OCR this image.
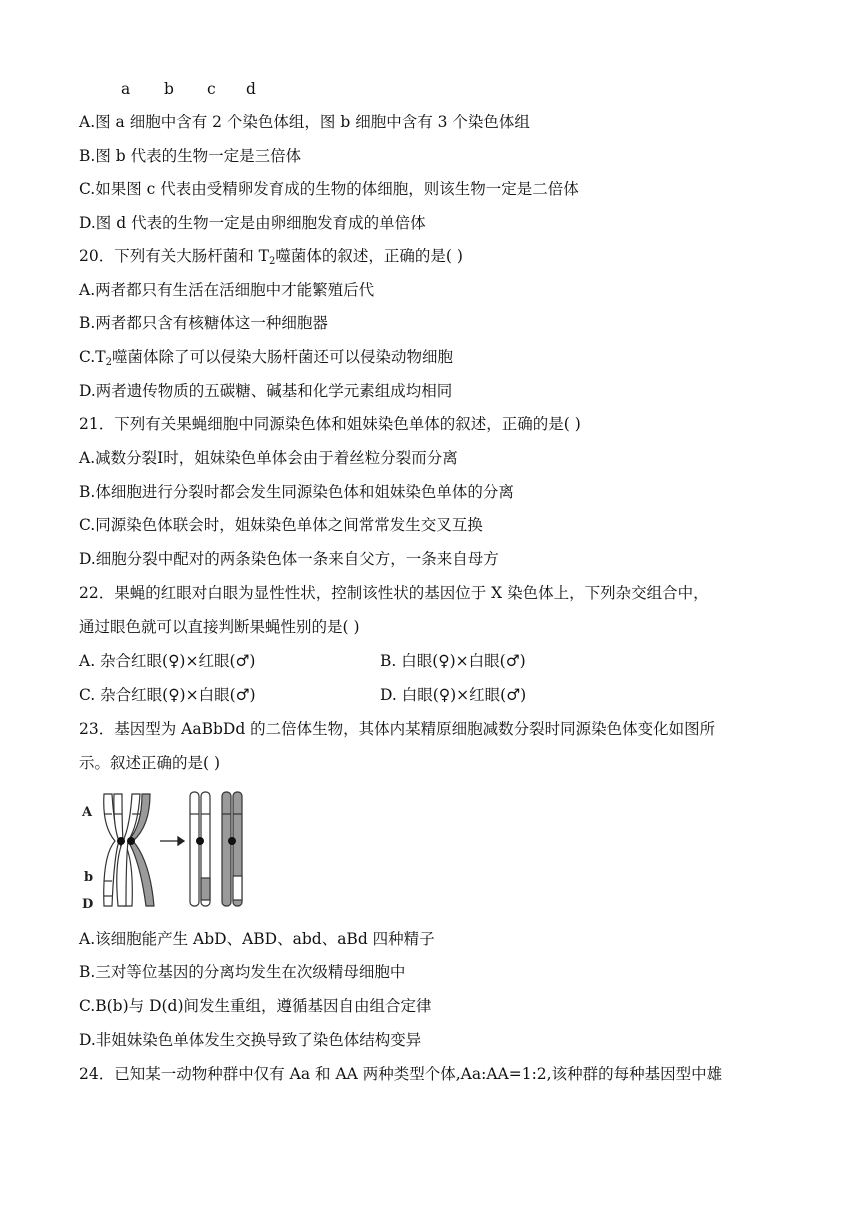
a b c d
A.图 a 细胞中含有 2 个染色体组，图 b 细胞中含有 3 个染色体组
B.图 b 代表的生物一定是三倍体
C.如果图 c 代表由受精卵发育成的生物的体细胞，则该生物一定是二倍体
D.图 d 代表的生物一定是由卵细胞发育成的单倍体
20．下列有关大肠杆菌和 $T_2$噬菌体的叙述，正确的是( )
A.两者都只有生活在活细胞中才能繁殖后代
B.两者都只含有核糖体这一种细胞器
$C.T_2$噬菌体除了可以侵染大肠杆菌还可以侵染动物细胞
D.两者遗传物质的五碳糖、碱基和化学元素组成均相同
21．下列有关果蝇细胞中同源染色体和姐妹染色单体的叙述，正确的是( )
A.减数分裂Ⅰ时，姐妹染色单体会由于着丝粒分裂而分离
B.体细胞进行分裂时都会发生同源染色体和姐妹染色单体的分离
C.同源染色体联会时，姐妹染色单体之间常常发生交叉互换
D.细胞分裂中配对的两条染色体一条来自父方，一条来自母方
22．果蝇的红眼对白眼为显性性状，控制该性状的基因位于 X 染色体上，下列杂交组合中，
通过眼色就可以直接判断果蝇性别的是( )
A. 杂合红眼(♀)×红眼(♂)	B. 白眼(♀)×白眼(♂)
C. 杂合红眼(♀)×白眼(♂)	D. 白眼(♀)×红眼(♂)
23．基因型为 AaBbDd 的二倍体生物，其体内某精原细胞减数分裂时同源染色体变化如图所
示。叙述正确的是( )
A
b
D
A.该细胞能产生 AbD、ABD、abd、aBd 四种精子
B.三对等位基因的分离均发生在次级精母细胞中
C.B(b)与 D(d)间发生重组，遵循基因自由组合定律
D.非姐妹染色单体发生交换导致了染色体结构变异
24．已知某一动物种群中仅有 Aa 和 AA 两种类型个体,Aa:AA=1:2,该种群的每种基因型中雄
